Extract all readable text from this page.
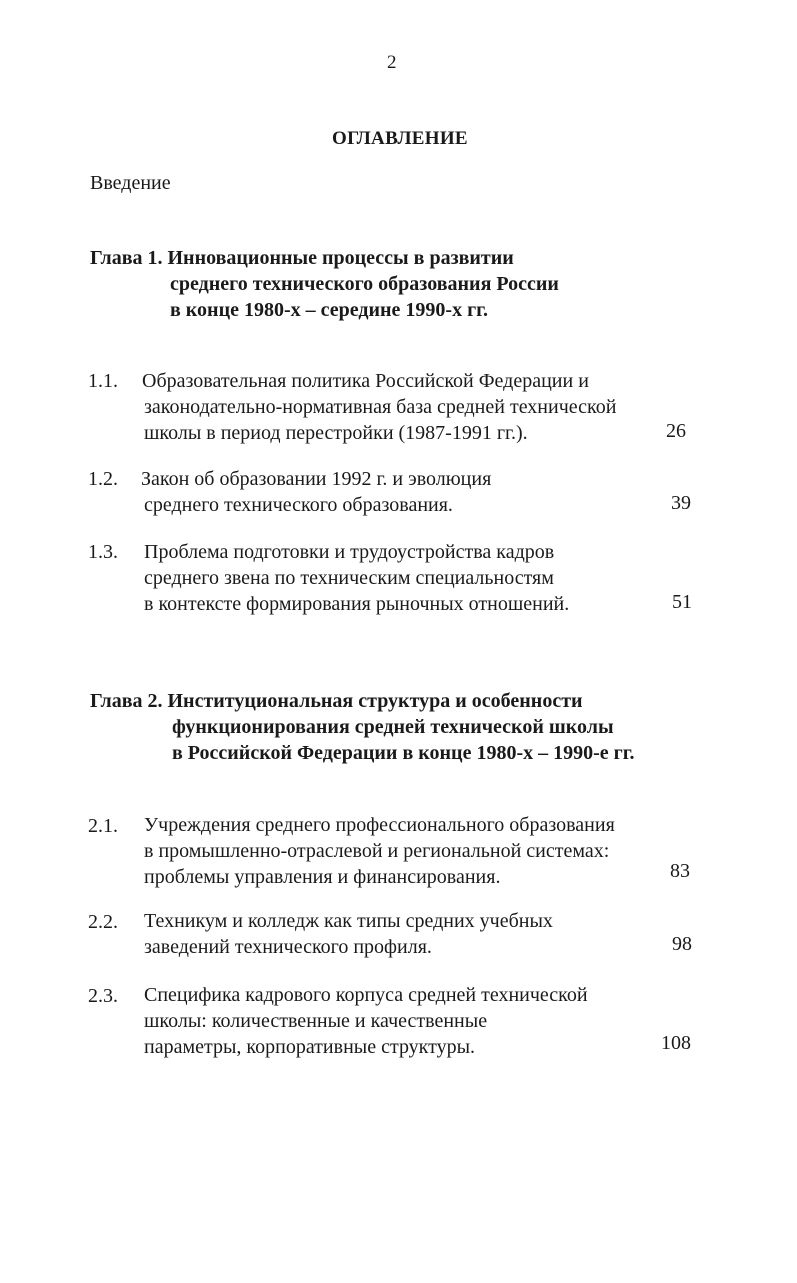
2
ОГЛАВЛЕНИЕ
Введение
Глава 1. Инновационные процессы в развитии
среднего технического образования России
в конце 1980-х – середине 1990-х гг.
1.1. Образовательная политика Российской Федерации и
законодательно-нормативная база средней технической
школы в период перестройки (1987-1991 гг.).	26
1.2. Закон об образовании 1992 г. и эволюция
среднего технического образования.	39
1.3. Проблема подготовки и трудоустройства кадров
среднего звена по техническим специальностям
в контексте формирования рыночных отношений.	51
Глава 2. Институциональная структура и особенности
функционирования средней технической школы
в Российской Федерации в конце 1980-х – 1990-е гг.
2.1. Учреждения среднего профессионального образования
в промышленно-отраслевой и региональной системах:
проблемы управления и финансирования.	83
2.2. Техникум и колледж как типы средних учебных
заведений технического профиля.	98
2.3. Специфика кадрового корпуса средней технической
школы: количественные и качественные
параметры, корпоративные структуры.	108
